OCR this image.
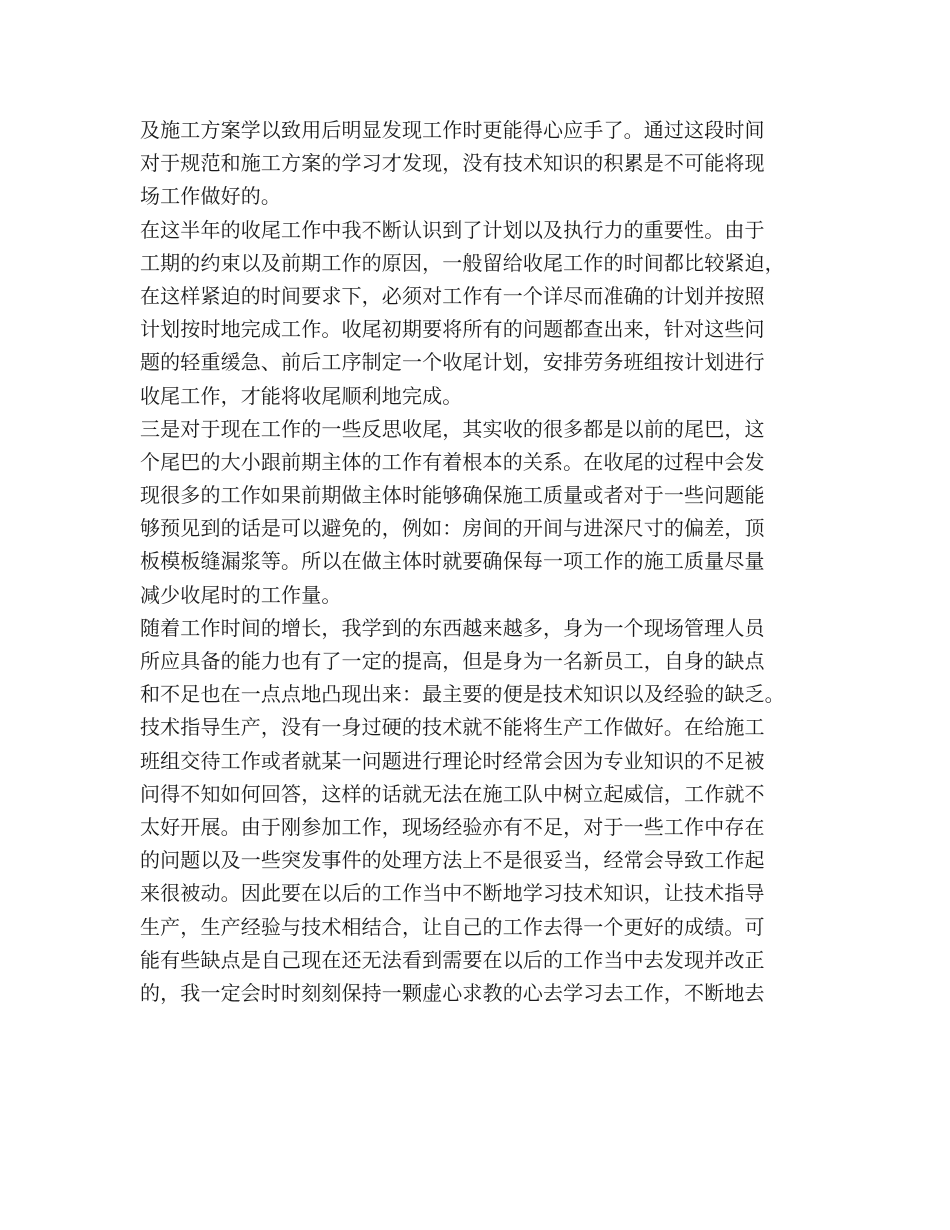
及施工方案学以致用后明显发现工作时更能得心应手了。通过这段时间
对于规范和施工方案的学习才发现，没有技术知识的积累是不可能将现
场工作做好的。
在这半年的收尾工作中我不断认识到了计划以及执行力的重要性。由于
工期的约束以及前期工作的原因，一般留给收尾工作的时间都比较紧迫，
在这样紧迫的时间要求下，必须对工作有一个详尽而准确的计划并按照
计划按时地完成工作。收尾初期要将所有的问题都查出来，针对这些问
题的轻重缓急、前后工序制定一个收尾计划，安排劳务班组按计划进行
收尾工作，才能将收尾顺利地完成。
三是对于现在工作的一些反思收尾，其实收的很多都是以前的尾巴，这
个尾巴的大小跟前期主体的工作有着根本的关系。在收尾的过程中会发
现很多的工作如果前期做主体时能够确保施工质量或者对于一些问题能
够预见到的话是可以避免的，例如：房间的开间与进深尺寸的偏差，顶
板模板缝漏浆等。所以在做主体时就要确保每一项工作的施工质量尽量
减少收尾时的工作量。
随着工作时间的增长，我学到的东西越来越多，身为一个现场管理人员
所应具备的能力也有了一定的提高，但是身为一名新员工，自身的缺点
和不足也在一点点地凸现出来：最主要的便是技术知识以及经验的缺乏。
技术指导生产，没有一身过硬的技术就不能将生产工作做好。在给施工
班组交待工作或者就某一问题进行理论时经常会因为专业知识的不足被
问得不知如何回答，这样的话就无法在施工队中树立起威信，工作就不
太好开展。由于刚参加工作，现场经验亦有不足，对于一些工作中存在
的问题以及一些突发事件的处理方法上不是很妥当，经常会导致工作起
来很被动。因此要在以后的工作当中不断地学习技术知识，让技术指导
生产，生产经验与技术相结合，让自己的工作去得一个更好的成绩。可
能有些缺点是自己现在还无法看到需要在以后的工作当中去发现并改正
的，我一定会时时刻刻保持一颗虚心求教的心去学习去工作，不断地去
